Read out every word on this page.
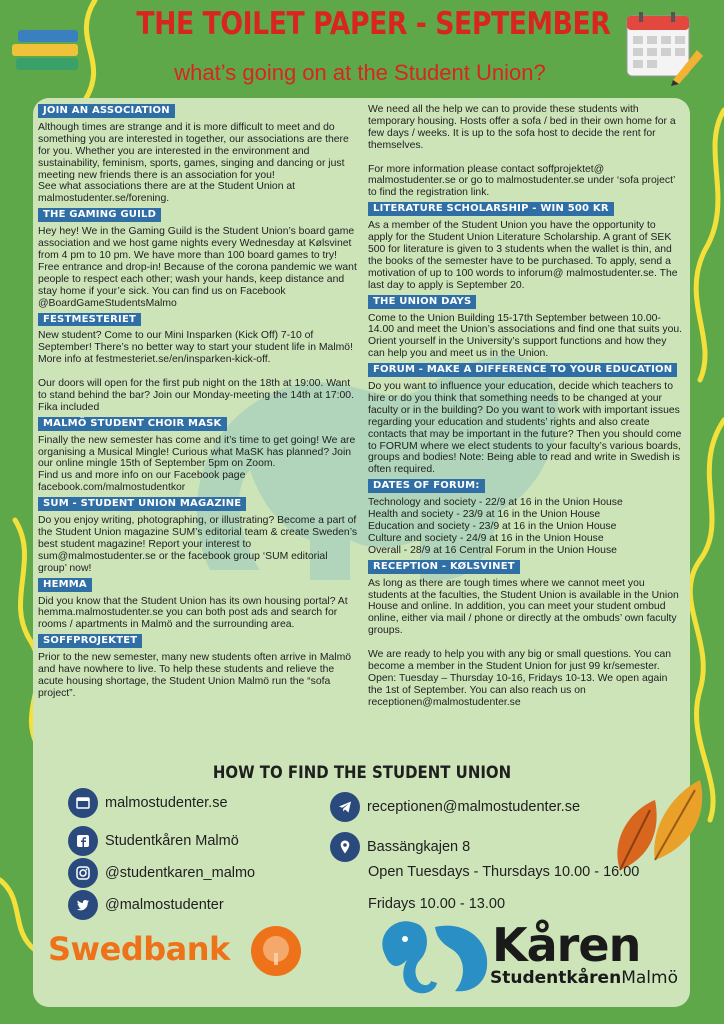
THE TOILET PAPER - SEPTEMBER
what’s going on at the Student Union?
JOIN AN ASSOCIATION
Although times are strange and it is more difficult to meet and do something you are interested in together, our associations are there for you. Whether you are interested in the environment and sustainability, feminism, sports, games, singing and dancing or just meeting new friends there is an association for you!
See what associations there are at the Student Union at malmostudenter.se/forening.
THE GAMING GUILD
Hey hey! We in the Gaming Guild is the Student Union’s board game association and we host game nights every Wednesday at Kølsvinet from 4 pm to 10 pm. We have more than 100 board games to try! Free entrance and drop-in! Because of the corona pandemic we want people to respect each other; wash your hands, keep distance and stay home if your’e sick. You can find us on Facebook @BoardGameStudentsMalmo
FESTMESTERIET
New student? Come to our Mini Insparken (Kick Off) 7-10 of September! There’s no better way to start your student life in Malmö! More info at festmesteriet.se/en/insparken-kick-off.

Our doors will open for the first pub night on the 18th at 19:00. Want to stand behind the bar? Join our Monday-meeting the 14th at 17:00. Fika included
MALMÖ STUDENT CHOIR MASK
Finally the new semester has come and it’s time to get going! We are organising a Musical Mingle! Curious what MaSK has planned? Join our online mingle 15th of September 5pm on Zoom.
Find us and more info on our Facebook page facebook.com/malmostudentkor
SUM - STUDENT UNION MAGAZINE
Do you enjoy writing, photographing, or illustrating? Become a part of the Student Union magazine SUM’s editorial team & create Sweden’s best student magazine! Report your interest to sum@malmostudenter.se or the facebook group ‘SUM editorial group’ now!
HEMMA
Did you know that the Student Union has its own housing portal? At hemma.malmostudenter.se you can both post ads and search for rooms / apartments in Malmö and the surrounding area.
SOFFPROJEKTET
Prior to the new semester, many new students often arrive in Malmö and have nowhere to live. To help these students and relieve the acute housing shortage, the Student Union Malmö run the “sofa project”.
We need all the help we can to provide these students with temporary housing. Hosts offer a sofa / bed in their own home for a few days / weeks. It is up to the sofa host to decide the rent for themselves.

For more information please contact soffprojektet@ malmostudenter.se or go to malmostudenter.se under ‘sofa project’ to find the registration link.
LITERATURE SCHOLARSHIP - WIN 500 KR
As a member of the Student Union you have the opportunity to apply for the Student Union Literature Scholarship. A grant of SEK 500 for literature is given to 3 students when the wallet is thin, and the books of the semester have to be purchased. To apply, send a motivation of up to 100 words to inforum@ malmostudenter.se. The last day to apply is September 20.
THE UNION DAYS
Come to the Union Building 15-17th September between 10.00-14.00 and meet the Union’s associations and find one that suits you. Orient yourself in the University’s support functions and how they can help you and meet us in the Union.
FORUM - MAKE A DIFFERENCE TO YOUR EDUCATION
Do you want to influence your education, decide which teachers to hire or do you think that something needs to be changed at your faculty or in the building? Do you want to work with important issues regarding your education and students’ rights and also create contacts that may be important in the future? Then you should come to FORUM where we elect students to your faculty’s various boards, groups and bodies! Note: Being able to read and write in Swedish is often required.
DATES OF FORUM:
Technology and society - 22/9 at 16 in the Union House
Health and society - 23/9 at 16 in the Union House
Education and society - 23/9 at 16 in the Union House
Culture and society - 24/9 at 16 in the Union House
Overall - 28/9 at 16 Central Forum in the Union House
RECEPTION - KØLSVINET
As long as there are tough times where we cannot meet you students at the faculties, the Student Union is available in the Union House and online. In addition, you can meet your student ombud online, either via mail / phone or directly at the ombuds’ own faculty groups.

We are ready to help you with any big or small questions. You can become a member in the Student Union for just 99 kr/semester. Open: Tuesday – Thursday 10-16, Fridays 10-13. We open again the 1st of September. You can also reach us on receptionen@malmostudenter.se
HOW TO FIND THE STUDENT UNION
malmostudenter.se
Studentkåren Malmö
@studentkaren_malmo
@malmostudenter
receptionen@malmostudenter.se
Bassängkajen 8
Open Tuesdays - Thursdays 10.00 - 16.00
Fridays 10.00 - 13.00
Swedbank	Kåren
StudentkårenMalmö
